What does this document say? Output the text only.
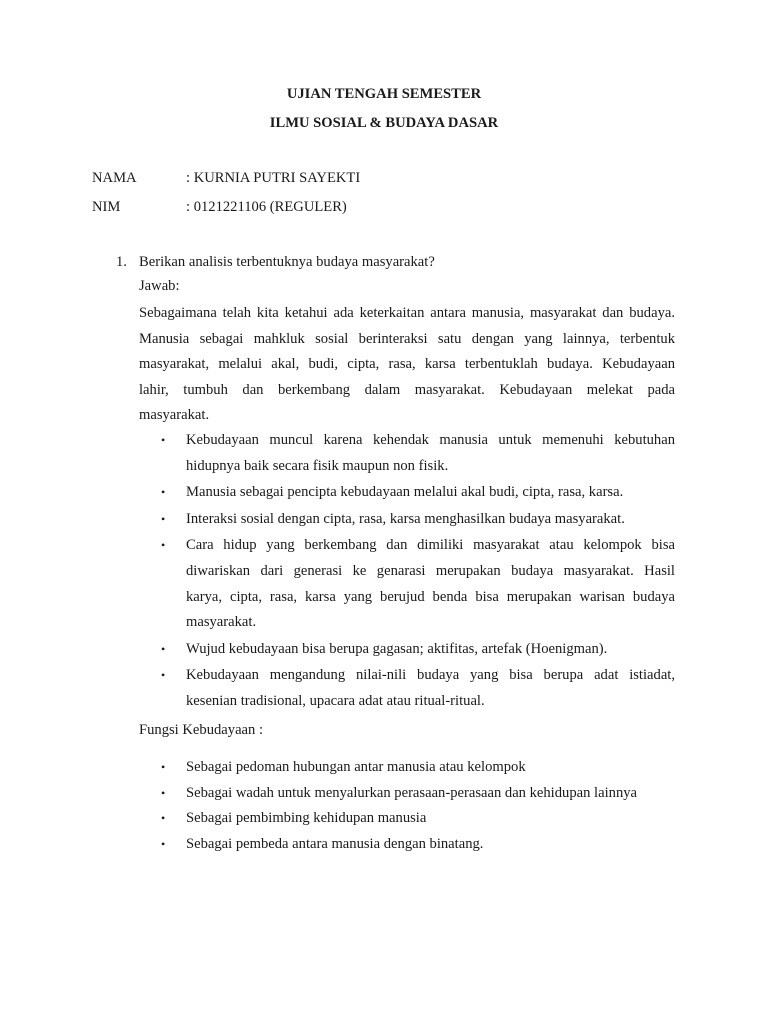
UJIAN TENGAH SEMESTER
ILMU SOSIAL & BUDAYA DASAR
NAMA	: KURNIA PUTRI SAYEKTI
NIM	: 0121221106 (REGULER)
1. Berikan analisis terbentuknya budaya masyarakat?
Jawab:
Sebagaimana telah kita ketahui ada keterkaitan antara manusia, masyarakat dan budaya.
Manusia sebagai mahkluk sosial berinteraksi satu dengan yang lainnya, terbentuk
masyarakat, melalui akal, budi, cipta, rasa, karsa terbentuklah budaya. Kebudayaan
lahir, tumbuh dan berkembang dalam masyarakat. Kebudayaan melekat pada
masyarakat.
• Kebudayaan muncul karena kehendak manusia untuk memenuhi kebutuhan
hidupnya baik secara fisik maupun non fisik.
• Manusia sebagai pencipta kebudayaan melalui akal budi, cipta, rasa, karsa.
• Interaksi sosial dengan cipta, rasa, karsa menghasilkan budaya masyarakat.
• Cara hidup yang berkembang dan dimiliki masyarakat atau kelompok bisa
diwariskan dari generasi ke genarasi merupakan budaya masyarakat. Hasil
karya, cipta, rasa, karsa yang berujud benda bisa merupakan warisan budaya
masyarakat.
• Wujud kebudayaan bisa berupa gagasan; aktifitas, artefak (Hoenigman).
• Kebudayaan mengandung nilai-nili budaya yang bisa berupa adat istiadat,
kesenian tradisional, upacara adat atau ritual-ritual.
Fungsi Kebudayaan :
• Sebagai pedoman hubungan antar manusia atau kelompok
• Sebagai wadah untuk menyalurkan perasaan-perasaan dan kehidupan lainnya
• Sebagai pembimbing kehidupan manusia
• Sebagai pembeda antara manusia dengan binatang.
